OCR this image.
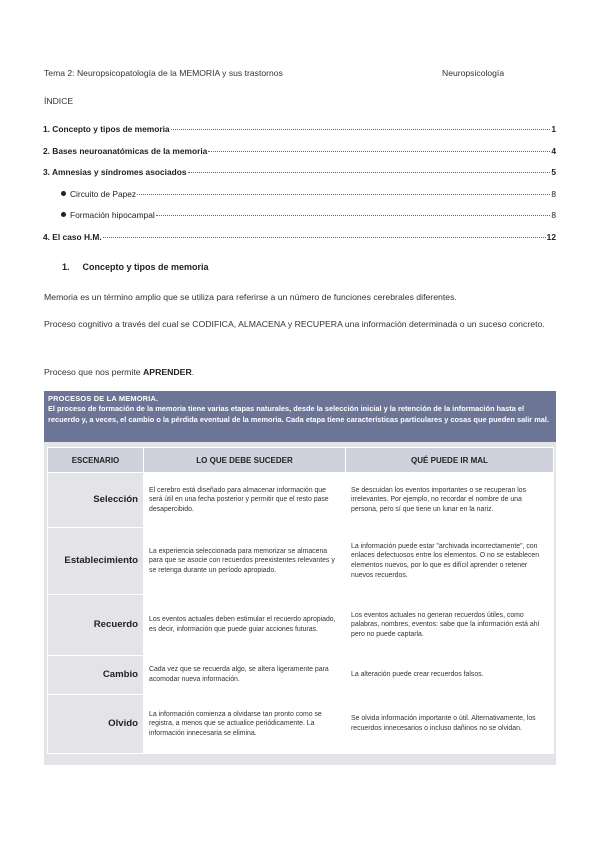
Tema 2: Neuropsicopatología de la MEMORIA y sus trastornos	Neuropsicología
ÍNDICE
1. Concepto y tipos de memoria	1
2. Bases neuroanatómicas de la memoria	4
3. Amnesias y síndromes asociados	5
Circuito de Papez	8
Formación hipocampal	8
4. El caso H.M.	12
1. Concepto y tipos de memoria
Memoria es un término amplio que se utiliza para referirse a un número de funciones cerebrales diferentes.
Proceso cognitivo a través del cual se CODIFICA, ALMACENA y RECUPERA una información determinada o un suceso concreto.
Proceso que nos permite APRENDER.
PROCESOS DE LA MEMORIA.
El proceso de formación de la memoria tiene varias etapas naturales, desde la selección inicial y la retención de la información hasta el recuerdo y, a veces, el cambio o la pérdida eventual de la memoria. Cada etapa tiene características particulares y cosas que pueden salir mal.
ESCENARIO	LO QUE DEBE SUCEDER	QUÉ PUEDE IR MAL
Selección	El cerebro está diseñado para almacenar información que será útil en una fecha posterior y permitir que el resto pase desapercibido.	Se descuidan los eventos importantes o se recuperan los irrelevantes. Por ejemplo, no recordar el nombre de una persona, pero sí que tiene un lunar en la nariz.
Establecimiento	La experiencia seleccionada para memorizar se almacena para que se asocie con recuerdos preexistentes relevantes y se retenga durante un período apropiado.	La información puede estar "archivada incorrectamente", con enlaces defectuosos entre los elementos. O no se establecen elementos nuevos, por lo que es difícil aprender o retener nuevos recuerdos.
Recuerdo	Los eventos actuales deben estimular el recuerdo apropiado, es decir, información que puede guiar acciones futuras.	Los eventos actuales no generan recuerdos útiles, como palabras, nombres, eventos: sabe que la información está ahí pero no puede captarla.
Cambio	Cada vez que se recuerda algo, se altera ligeramente para acomodar nueva información.	La alteración puede crear recuerdos falsos.
Olvido	La información comienza a olvidarse tan pronto como se registra, a menos que se actualice periódicamente. La información innecesaria se elimina.	Se olvida información importante o útil. Alternativamente, los recuerdos innecesarios o incluso dañinos no se olvidan.
